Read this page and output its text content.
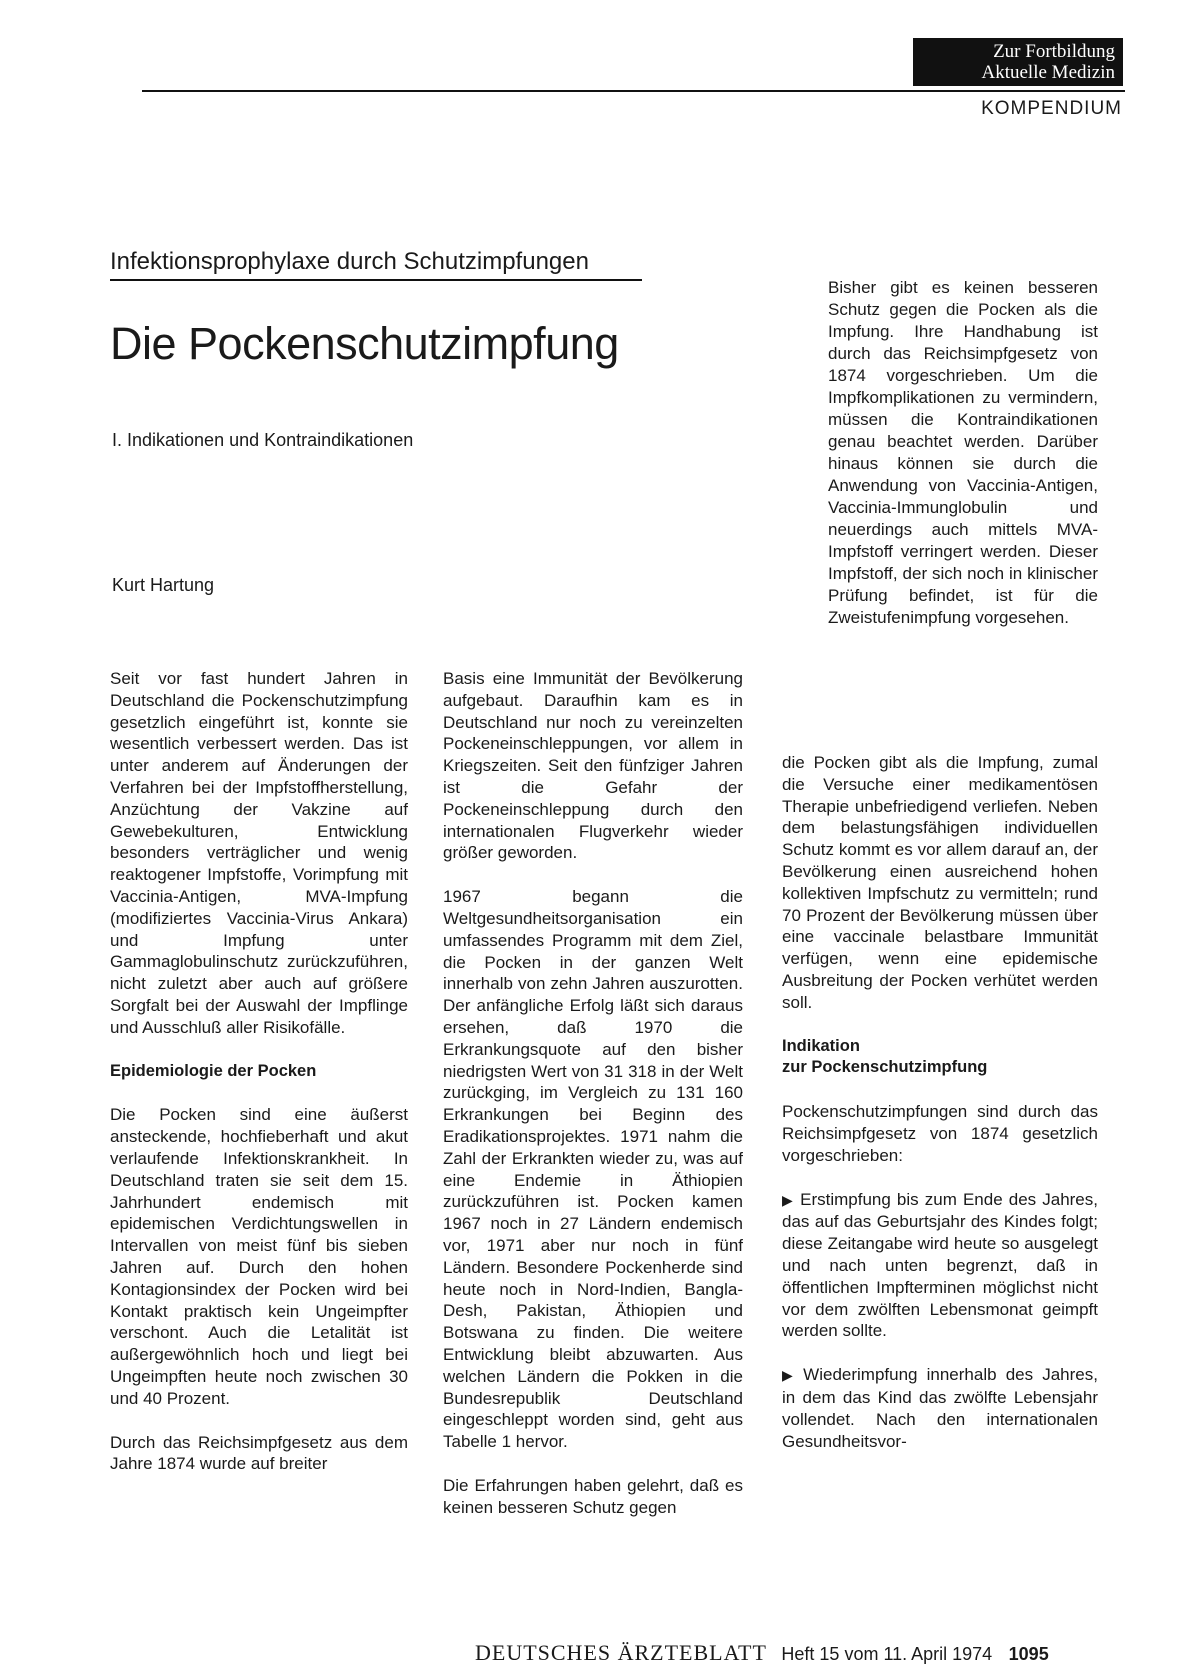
Zur Fortbildung
Aktuelle Medizin
KOMPENDIUM
Infektionsprophylaxe durch Schutzimpfungen
Die Pockenschutzimpfung
I. Indikationen und Kontraindikationen
Kurt Hartung
Bisher gibt es keinen besseren Schutz gegen die Pocken als die Impfung. Ihre Handhabung ist durch das Reichsimpfgesetz von 1874 vorgeschrieben. Um die Impfkomplikationen zu vermindern, müssen die Kontraindikationen genau beachtet werden. Darüber hinaus können sie durch die Anwendung von Vaccinia-Antigen, Vaccinia-Immunglobulin und neuerdings auch mittels MVA-Impfstoff verringert werden. Dieser Impfstoff, der sich noch in klinischer Prüfung befindet, ist für die Zweistufenimpfung vorgesehen.

Seit vor fast hundert Jahren in Deutschland die Pockenschutzimpfung gesetzlich eingeführt ist, konnte sie wesentlich verbessert werden. Das ist unter anderem auf Änderungen der Verfahren bei der Impfstoffherstellung, Anzüchtung der Vakzine auf Gewebekulturen, Entwicklung besonders verträglicher und wenig reaktogener Impfstoffe, Vorimpfung mit Vaccinia-Antigen, MVA-Impfung (modifiziertes Vaccinia-Virus Ankara) und Impfung unter Gammaglobulinschutz zurückzuführen, nicht zuletzt aber auch auf größere Sorgfalt bei der Auswahl der Impflinge und Ausschluß aller Risikofälle.

Epidemiologie der Pocken

Die Pocken sind eine äußerst ansteckende, hochfieberhaft und akut verlaufende Infektionskrankheit. In Deutschland traten sie seit dem 15. Jahrhundert endemisch mit epidemischen Verdichtungswellen in Intervallen von meist fünf bis sieben Jahren auf. Durch den hohen Kontagionsindex der Pocken wird bei Kontakt praktisch kein Ungeimpfter verschont. Auch die Letalität ist außergewöhnlich hoch und liegt bei Ungeimpften heute noch zwischen 30 und 40 Prozent.

Durch das Reichsimpfgesetz aus dem Jahre 1874 wurde auf breiter

Basis eine Immunität der Bevölkerung aufgebaut. Daraufhin kam es in Deutschland nur noch zu vereinzelten Pockeneinschleppungen, vor allem in Kriegszeiten. Seit den fünfziger Jahren ist die Gefahr der Pockeneinschleppung durch den internationalen Flugverkehr wieder größer geworden.

1967 begann die Weltgesundheitsorganisation ein umfassendes Programm mit dem Ziel, die Pocken in der ganzen Welt innerhalb von zehn Jahren auszurotten. Der anfängliche Erfolg läßt sich daraus ersehen, daß 1970 die Erkrankungsquote auf den bisher niedrigsten Wert von 31 318 in der Welt zurückging, im Vergleich zu 131 160 Erkrankungen bei Beginn des Eradikationsprojektes. 1971 nahm die Zahl der Erkrankten wieder zu, was auf eine Endemie in Äthiopien zurückzuführen ist. Pocken kamen 1967 noch in 27 Ländern endemisch vor, 1971 aber nur noch in fünf Ländern. Besondere Pockenherde sind heute noch in Nord-Indien, Bangla-Desh, Pakistan, Äthiopien und Botswana zu finden. Die weitere Entwicklung bleibt abzuwarten. Aus welchen Ländern die Pokken in die Bundesrepublik Deutschland eingeschleppt worden sind, geht aus Tabelle 1 hervor.

Die Erfahrungen haben gelehrt, daß es keinen besseren Schutz gegen

die Pocken gibt als die Impfung, zumal die Versuche einer medikamentösen Therapie unbefriedigend verliefen. Neben dem belastungsfähigen individuellen Schutz kommt es vor allem darauf an, der Bevölkerung einen ausreichend hohen kollektiven Impfschutz zu vermitteln; rund 70 Prozent der Bevölkerung müssen über eine vaccinale belastbare Immunität verfügen, wenn eine epidemische Ausbreitung der Pocken verhütet werden soll.

Indikation
zur Pockenschutzimpfung

Pockenschutzimpfungen sind durch das Reichsimpfgesetz von 1874 gesetzlich vorgeschrieben:

▶ Erstimpfung bis zum Ende des Jahres, das auf das Geburtsjahr des Kindes folgt; diese Zeitangabe wird heute so ausgelegt und nach unten begrenzt, daß in öffentlichen Impfterminen möglichst nicht vor dem zwölften Lebensmonat geimpft werden sollte.

▶ Wiederimpfung innerhalb des Jahres, in dem das Kind das zwölfte Lebensjahr vollendet. Nach den internationalen Gesundheitsvor-

DEUTSCHES ÄRZTEBLATT Heft 15 vom 11. April 1974 1095
